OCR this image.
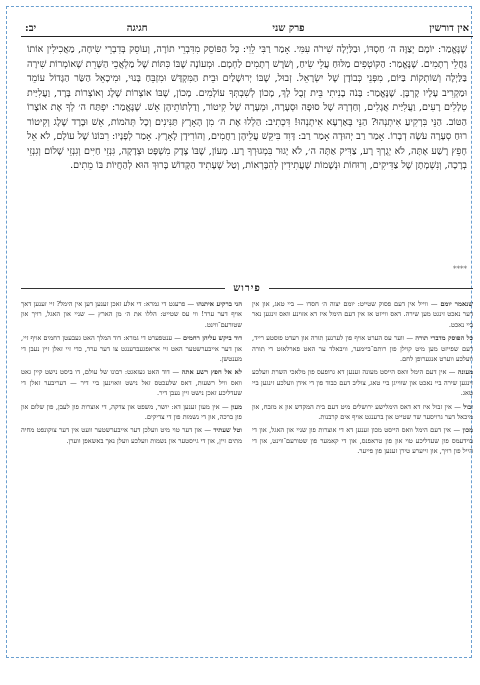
אין דורשין
פרק שני
חגיגה                          יב:

שֶׁנֶּאֱמַר: יוֹמָם יְצַוֶּה ה׳ חַסְדּוֹ, וּבַלַּיְלָה שִׁירֹה עִמִּי. אָמַר רַבִּי לֵוִי: כָּל הַפּוֹסֵק מִדִּבְרֵי תוֹרָה, וְעוֹסֵק בְּדִבְרֵי שִׂיחָה, מַאֲכִילִין אוֹתוֹ גַּחֲלֵי רְתָמִים. שֶׁנֶּאֱמַר: הַקּוֹטְפִים מַלּוּחַ עֲלֵי שִׂיחַ, וְשֹׁרֶשׁ רְתָמִים לַחְמָם. וּמְעוֹנָה שֶׁבּוֹ כִּתּוֹת שֶׁל מַלְאֲכֵי הַשָּׁרֵת שֶׁאוֹמְרוֹת שִׁירָה בַּלַּיְלָה וְשׁוֹתְקוֹת בַּיּוֹם, מִפְּנֵי כְּבוֹדָן שֶׁל יִשְׂרָאֵל. זְבוּל, שֶׁבּוֹ יְרוּשָׁלַיִם וּבֵית הַמִּקְדָּשׁ וּמִזְבֵּחַ בָּנוּי, וּמִיכָאֵל הַשַּׂר הַגָּדוֹל עוֹמֵד וּמַקְרִיב עָלָיו קָרְבָּן. שֶׁנֶּאֱמַר: בָּנֹה בָנִיתִי בֵּית זְבֻל לָךְ, מָכוֹן לְשִׁבְתְּךָ עוֹלָמִים. מָכוֹן, שֶׁבּוֹ אוֹצְרוֹת שֶׁלֶג וְאוֹצְרוֹת בָּרָד, וַעֲלִיַּית טְלָלִים רָעִים, וַעֲלִיַּית אֲגָלִים, וְחַדְרָהּ שֶׁל סוּפָה וּסְעָרָה, וּמְעָרָה שֶׁל קִיטוֹר, וְדַלְתוֹתֵיהֶן אֵשׁ. שֶׁנֶּאֱמַר: יִפְתַּח ה׳ לְךָ אֶת אוֹצָרוֹ הַטּוֹב. הַנֵּי בִּרְקִיעַ אִיתְנְהוּ? הַנֵּי בְּאַרְעָא אִיתְנְהוּ! דִּכְתִיב: הַלְלוּ אֶת ה׳ מִן הָאָרֶץ תַּנִּינִים וְכָל תְּהֹמוֹת, אֵשׁ וּבָרָד שֶׁלֶג וְקִיטוֹר רוּחַ סְעָרָה עֹשָׂה דְבָרוֹ. אָמַר רַב יְהוּדָה אָמַר רַב: דָּוִד בִּיקֵּשׁ עֲלֵיהֶן רַחֲמִים, וְהוֹרִידָן לָאָרֶץ. אָמַר לְפָנָיו: רִבּוֹנוֹ שֶׁל עוֹלָם, לֹא אֵל חָפֵץ רֶשַׁע אָתָּה, לֹא יְגֻרְךָ רָע, צַדִּיק אַתָּה ה׳, לֹא יָגוּר בִּמְגוּרְךָ רָע. מָעוֹן, שֶׁבּוֹ צֶדֶק מִשְׁפָּט וּצְדָקָה, גִּנְזֵי חַיִּים וְגִנְזֵי שָׁלוֹם וְגִנְזֵי בְרָכָה, וְנִשְׁמָתָן שֶׁל צַדִּיקִים, וְרוּחוֹת וּנְשָׁמוֹת שֶׁעֲתִידִין לְהִבָּרְאוֹת, וְטַל שֶׁעָתִיד הַקָּדוֹשׁ בָּרוּךְ הוּא לְהַחֲיוֹת בּוֹ מֵתִים.

****
פירוש

שנאמר יומם — ווייל אין דעם פסוק שטייט: יומם יצוה ה׳ חסדו — ביי טאג, און אין דער נאכט זינגט מען שירה. דאס ווייזט אז אין דעם הימל איז דא אזוינע וואס זינגען נאר ביי נאכט.

כל הפוסק מדברי תורה — ווער עס הערט אויף פון לערנען תורה און רעדט פוסטע רייד, דעם שפייזט מען מיט קוילן פון רותם־ביימער, וויבאלד ער האט פארלאזט די תורה וועלכע ווערט אנגערופן לחם.

מעונה — אין דעם הימל וואס הייסט מעונה זענען דא גרופעס פון מלאכי השרת וועלכע זינגען שירה ביי נאכט און שווייגן ביי טאג, צוליב דעם כבוד פון די אידן וועלכע זינגען ביי טאג.

זבול — אין זבול איז דא דאס הימלישע ירושלים מיט דעם בית המקדש און א מזבח, און מיכאל דער גרויסער שר שטייט און ברענגט אויף אים קרבנות.

מכון — אין דעם הימל וואס הייסט מכון זענען דא די אוצרות פון שניי און האגל, און די בוידעמס פון שעדליכע טוי און פון טראפנס, און די קאמער פון שטורעם־ווינט, און די הייל פון רויך, און זייערע טירן זענען פון פייער.

הני ברקיע איתנהו — פרעגט די גמרא: די אלע זאכן זענען דען אין הימל? זיי זענען דאך אויף דער ערד! ווי עס שטייט: הללו את ה׳ מן הארץ — שניי און האגל, רויך און שטורעם־ווינט.

דוד ביקש עליהן רחמים — ענטפערט די גמרא: דוד המלך האט געבעטן רחמים אויף זיי, און דער אייבערשטער האט זיי אראפגעברענגט צו דער ערד, כדי זיי זאלן זיין נעבן די מענטשן.

לא אל חפץ רשע אתה — דוד האט געזאגט: רבונו של עולם, דו ביסט נישט קיין גאט וואס וויל רשעות, דאס שלעכטס זאל נישט וואוינען ביי דיר — דעריבער זאלן די שעדליכע זאכן נישט זיין נעבן דיר.

מעון — אין מעון זענען דא: יושר, משפט און צדקה, די אוצרות פון לעבן, פון שלום און פון ברכה, און די נשמות פון די צדיקים.

וטל שעתיד — און דער טוי מיט וועלכן דער אייבערשטער וועט אין דער צוקונפט מחיה מתים זיין, און די גייסטער און נשמות וועלכע וועלן נאך באשאפן ווערן.
